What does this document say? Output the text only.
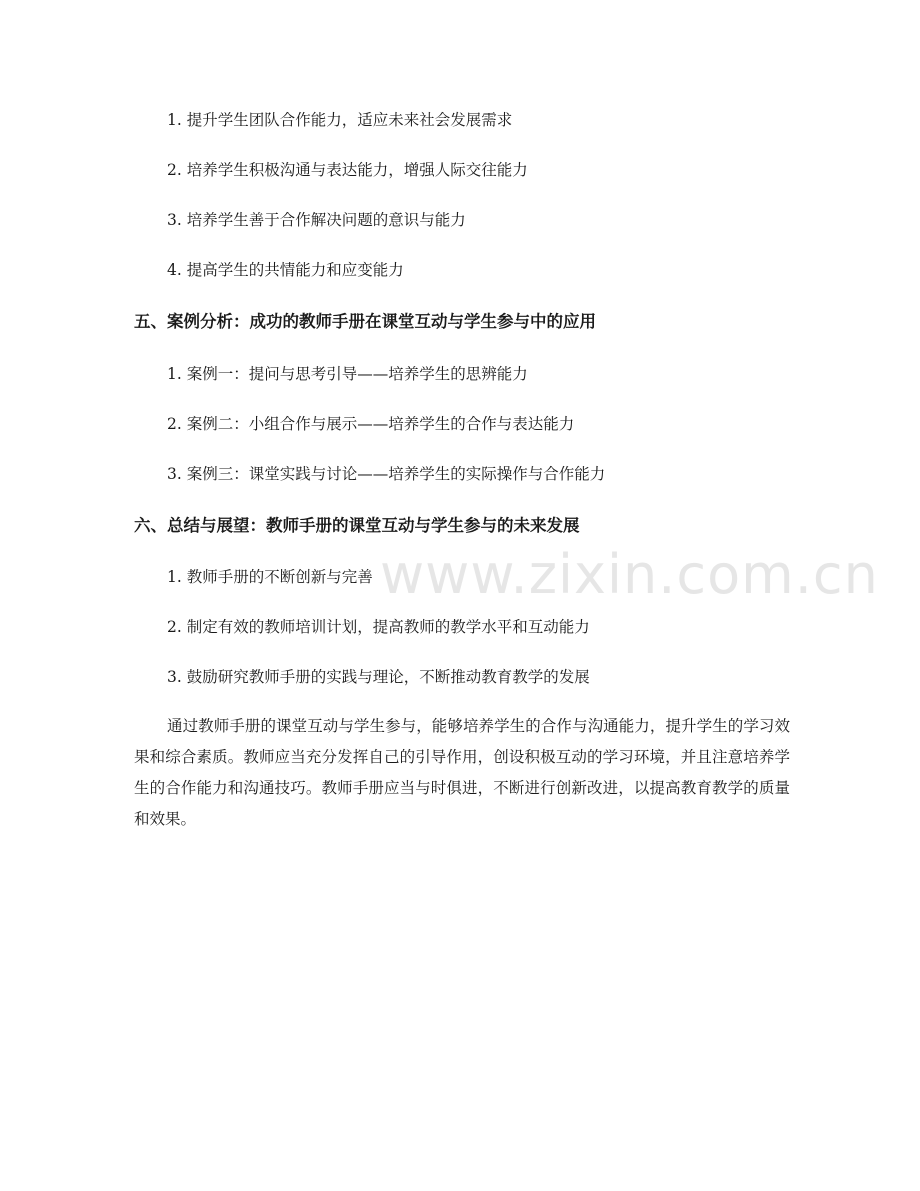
1. 提升学生团队合作能力，适应未来社会发展需求
2. 培养学生积极沟通与表达能力，增强人际交往能力
3. 培养学生善于合作解决问题的意识与能力
4. 提高学生的共情能力和应变能力
五、案例分析：成功的教师手册在课堂互动与学生参与中的应用
1. 案例一：提问与思考引导——培养学生的思辨能力
2. 案例二：小组合作与展示——培养学生的合作与表达能力
3. 案例三：课堂实践与讨论——培养学生的实际操作与合作能力
六、总结与展望：教师手册的课堂互动与学生参与的未来发展
1. 教师手册的不断创新与完善
2. 制定有效的教师培训计划，提高教师的教学水平和互动能力
3. 鼓励研究教师手册的实践与理论，不断推动教育教学的发展
通过教师手册的课堂互动与学生参与，能够培养学生的合作与沟通能力，提升学生的学习效果和综合素质。教师应当充分发挥自己的引导作用，创设积极互动的学习环境，并且注意培养学生的合作能力和沟通技巧。教师手册应当与时俱进，不断进行创新改进，以提高教育教学的质量和效果。
www.zixin.com.cn
